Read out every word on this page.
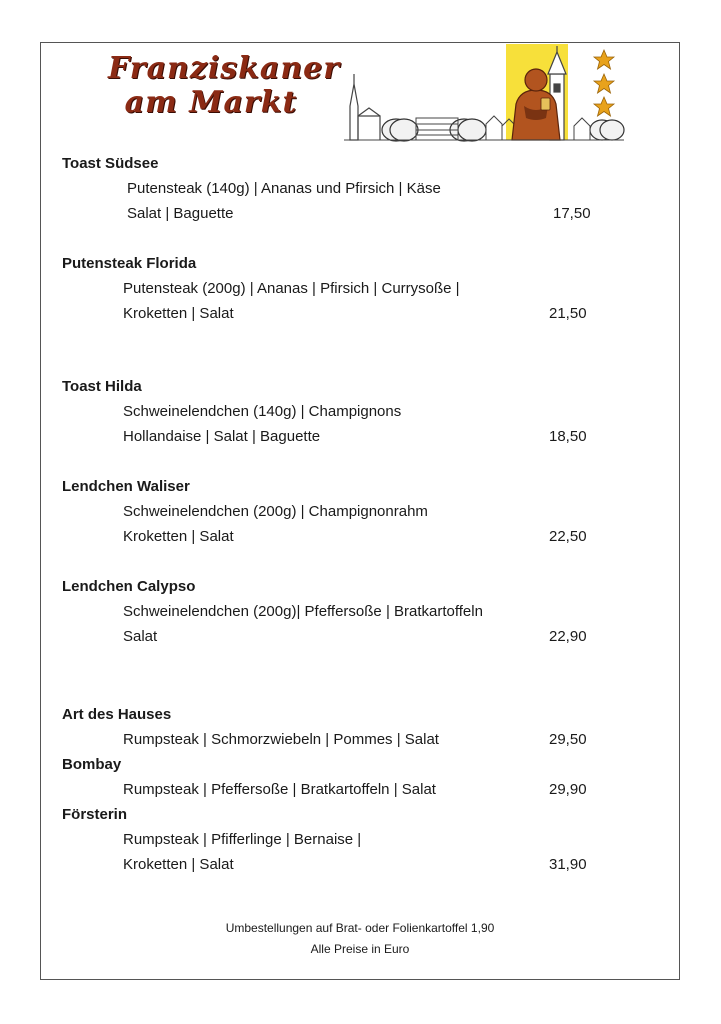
Franziskaner
am Markt
Toast Südsee
Putensteak (140g) | Ananas und Pfirsich | Käse
Salat | Baguette	17,50
Putensteak Florida
Putensteak (200g) | Ananas | Pfirsich | Currysoße |
Kroketten | Salat	21,50
Toast Hilda
Schweinelendchen (140g) | Champignons
Hollandaise | Salat | Baguette	18,50
Lendchen Waliser
Schweinelendchen (200g) | Champignonrahm
Kroketten | Salat	22,50
Lendchen Calypso
Schweinelendchen (200g)| Pfeffersoße | Bratkartoffeln
Salat	22,90
Art des Hauses
Rumpsteak | Schmorzwiebeln | Pommes | Salat	29,50
Bombay
Rumpsteak | Pfeffersoße | Bratkartoffeln | Salat	29,90
Försterin
Rumpsteak | Pfifferlinge | Bernaise |
Kroketten | Salat	31,90
Umbestellungen auf Brat- oder Folienkartoffel 1,90
Alle Preise in Euro
